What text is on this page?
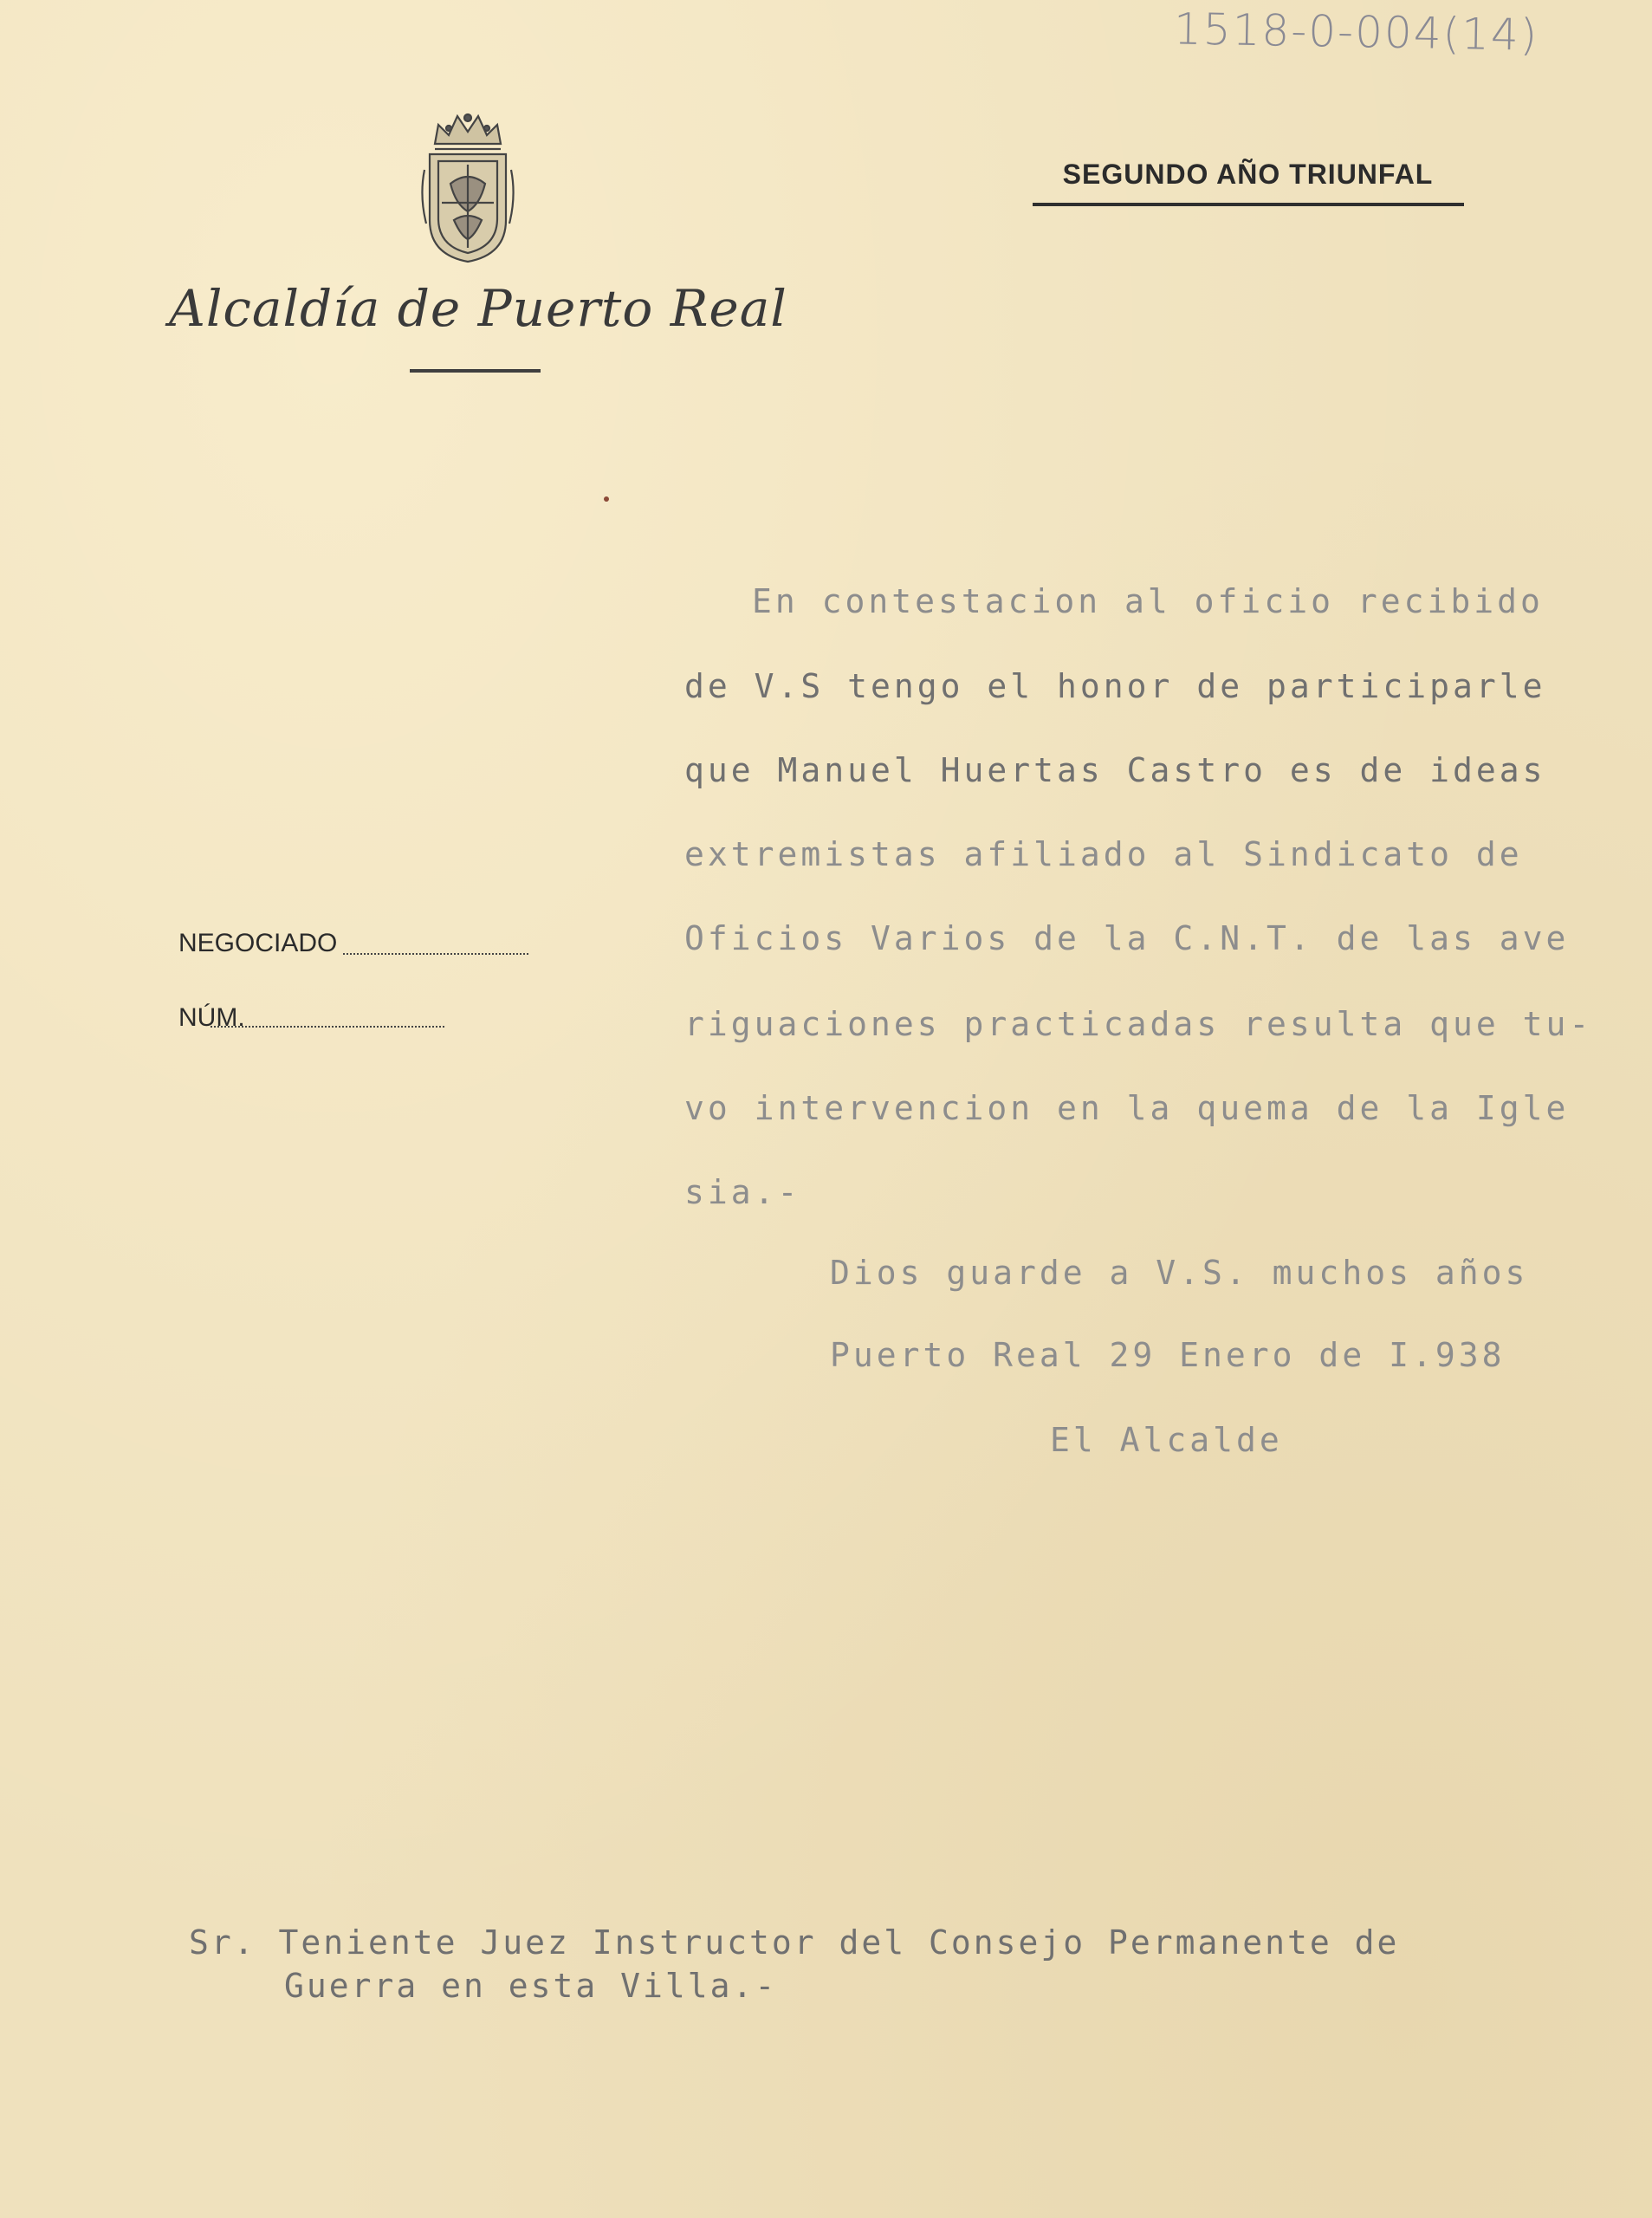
1518-0-004(14)
Alcaldía de Puerto Real
SEGUNDO AÑO TRIUNFAL
NEGOCIADO
NÚM.
En contestacion al oficio recibido
de V.S tengo el honor de participarle
que Manuel Huertas Castro es de ideas
extremistas afiliado al Sindicato de
Oficios Varios de la C.N.T. de las ave
riguaciones practicadas resulta que tu-
vo intervencion en la quema de la Igle
sia.-
Dios guarde a V.S. muchos años
Puerto Real 29 Enero de I.938
El Alcalde
Sr. Teniente Juez Instructor del Consejo Permanente de
Guerra en esta Villa.-
